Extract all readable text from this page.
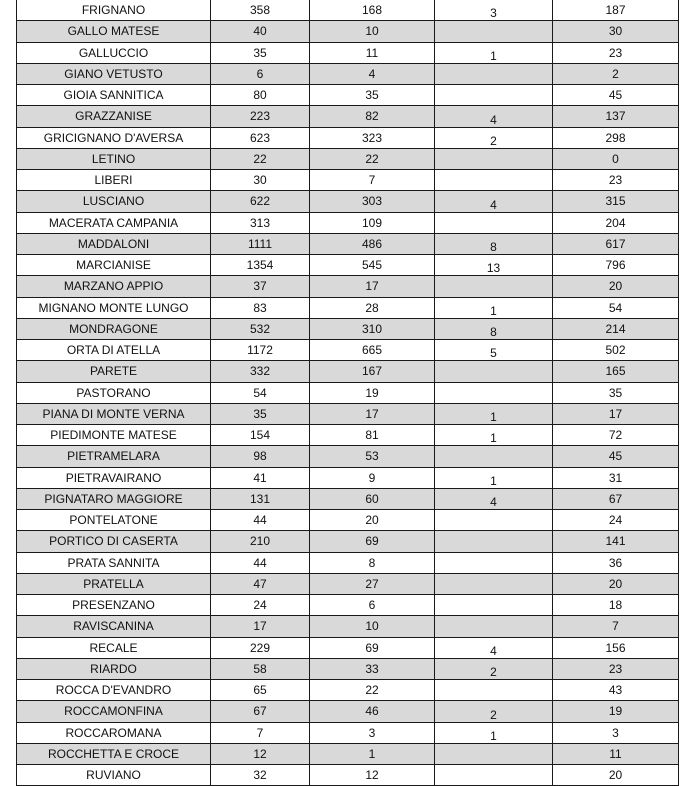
FRIGNANO	358	168	3	187
GALLO MATESE	40	10		30
GALLUCCIO	35	11	1	23
GIANO VETUSTO	6	4		2
GIOIA SANNITICA	80	35		45
GRAZZANISE	223	82	4	137
GRICIGNANO D'AVERSA	623	323	2	298
LETINO	22	22		0
LIBERI	30	7		23
LUSCIANO	622	303	4	315
MACERATA CAMPANIA	313	109		204
MADDALONI	1111	486	8	617
MARCIANISE	1354	545	13	796
MARZANO APPIO	37	17		20
MIGNANO MONTE LUNGO	83	28	1	54
MONDRAGONE	532	310	8	214
ORTA DI ATELLA	1172	665	5	502
PARETE	332	167		165
PASTORANO	54	19		35
PIANA DI MONTE VERNA	35	17	1	17
PIEDIMONTE MATESE	154	81	1	72
PIETRAMELARA	98	53		45
PIETRAVAIRANO	41	9	1	31
PIGNATARO MAGGIORE	131	60	4	67
PONTELATONE	44	20		24
PORTICO DI CASERTA	210	69		141
PRATA SANNITA	44	8		36
PRATELLA	47	27		20
PRESENZANO	24	6		18
RAVISCANINA	17	10		7
RECALE	229	69	4	156
RIARDO	58	33	2	23
ROCCA D'EVANDRO	65	22		43
ROCCAMONFINA	67	46	2	19
ROCCAROMANA	7	3	1	3
ROCCHETTA E CROCE	12	1		11
RUVIANO	32	12		20
